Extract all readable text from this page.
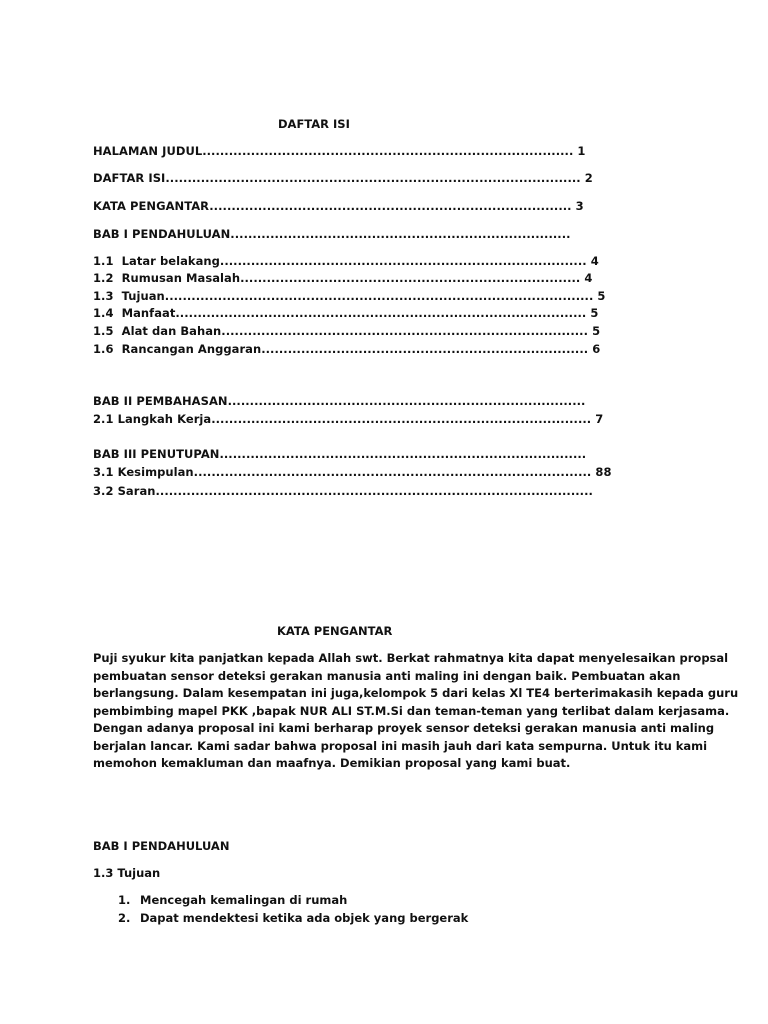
DAFTAR ISI
HALAMAN JUDUL.................................................................................... 1
DAFTAR ISI.............................................................................................. 2
KATA PENGANTAR.................................................................................. 3
BAB I PENDAHULUAN.............................................................................
1.1  Latar belakang................................................................................... 4
1.2  Rumusan Masalah............................................................................. 4
1.3  Tujuan................................................................................................. 5
1.4  Manfaat............................................................................................. 5
1.5  Alat dan Bahan................................................................................... 5
1.6  Rancangan Anggaran.......................................................................... 6
BAB II PEMBAHASAN.................................................................................
2.1 Langkah Kerja...................................................................................... 7
BAB III PENUTUPAN...................................................................................
3.1 Kesimpulan.......................................................................................... 88
3.2 Saran...................................................................................................
KATA PENGANTAR
Puji syukur kita panjatkan kepada Allah swt. Berkat rahmatnya kita dapat menyelesaikan propsal
pembuatan sensor deteksi gerakan manusia anti maling ini dengan baik. Pembuatan akan
berlangsung. Dalam kesempatan ini juga,kelompok 5 dari kelas Xl TE4 berterimakasih kepada guru
pembimbing mapel PKK ,bapak NUR ALI ST.M.Si dan teman-teman yang terlibat dalam kerjasama.
Dengan adanya proposal ini kami berharap proyek sensor deteksi gerakan manusia anti maling
berjalan lancar. Kami sadar bahwa proposal ini masih jauh dari kata sempurna. Untuk itu kami
memohon kemakluman dan maafnya. Demikian proposal yang kami buat.
BAB I PENDAHULUAN
1.3 Tujuan
1. Mencegah kemalingan di rumah
2. Dapat mendektesi ketika ada objek yang bergerak
